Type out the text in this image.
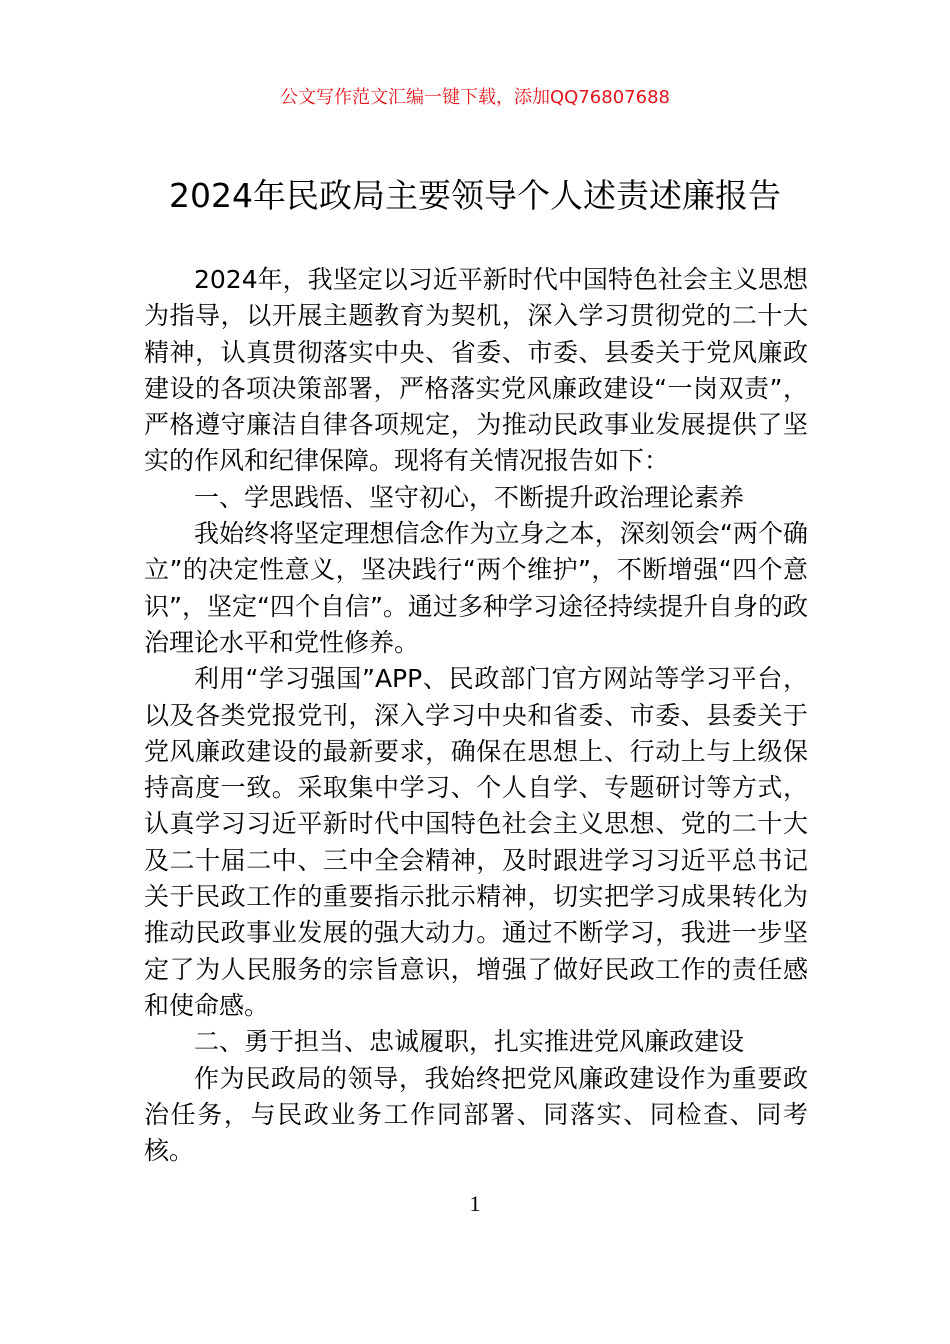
公文写作范文汇编一键下载，添加QQ76807688
2024年民政局主要领导个人述责述廉报告

2024年，我坚定以习近平新时代中国特色社会主义思想为指导，以开展主题教育为契机，深入学习贯彻党的二十大精神，认真贯彻落实中央、省委、市委、县委关于党风廉政建设的各项决策部署，严格落实党风廉政建设“一岗双责”，严格遵守廉洁自律各项规定，为推动民政事业发展提供了坚实的作风和纪律保障。现将有关情况报告如下：

一、学思践悟、坚守初心，不断提升政治理论素养

我始终将坚定理想信念作为立身之本，深刻领会“两个确立”的决定性意义，坚决践行“两个维护”，不断增强“四个意识”，坚定“四个自信”。通过多种学习途径持续提升自身的政治理论水平和党性修养。

利用“学习强国”APP、民政部门官方网站等学习平台，以及各类党报党刊，深入学习中央和省委、市委、县委关于党风廉政建设的最新要求，确保在思想上、行动上与上级保持高度一致。采取集中学习、个人自学、专题研讨等方式，认真学习习近平新时代中国特色社会主义思想、党的二十大及二十届二中、三中全会精神，及时跟进学习习近平总书记关于民政工作的重要指示批示精神，切实把学习成果转化为推动民政事业发展的强大动力。通过不断学习，我进一步坚定了为人民服务的宗旨意识，增强了做好民政工作的责任感和使命感。

二、勇于担当、忠诚履职，扎实推进党风廉政建设

作为民政局的领导，我始终把党风廉政建设作为重要政治任务，与民政业务工作同部署、同落实、同检查、同考核。

1
